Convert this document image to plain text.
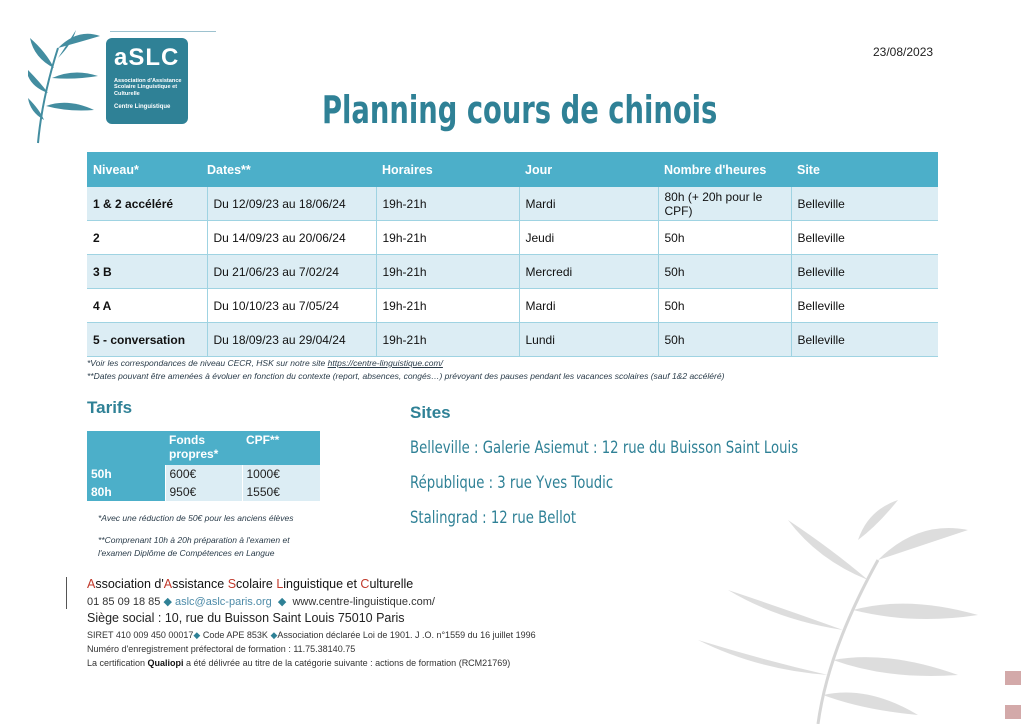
aSLC
Association d'Assistance Scolaire Linguistique et Culturelle
Centre Linguistique
23/08/2023
Planning cours de chinois
Niveau*	Dates**	Horaires	Jour	Nombre d'heures	Site
1 & 2 accéléré	Du 12/09/23 au 18/06/24	19h-21h	Mardi	80h (+ 20h pour le CPF)	Belleville
2	Du 14/09/23 au 20/06/24	19h-21h	Jeudi	50h	Belleville
3 B	Du 21/06/23 au 7/02/24	19h-21h	Mercredi	50h	Belleville
4 A	Du 10/10/23 au 7/05/24	19h-21h	Mardi	50h	Belleville
5 - conversation	Du 18/09/23 au 29/04/24	19h-21h	Lundi	50h	Belleville
*Voir les correspondances de niveau CECR, HSK sur notre site https://centre-linguistique.com/
**Dates pouvant être amenées à évoluer en fonction du contexte (report, absences, congés…) prévoyant des pauses pendant les vacances scolaires (sauf 1&2 accéléré)
Tarifs
	Fonds propres*	CPF**
50h	600€	1000€
80h	950€	1550€
*Avec une réduction de 50€ pour les anciens élèves
**Comprenant 10h à 20h préparation à l'examen et
l'examen Diplôme de Compétences en Langue
Sites
Belleville : Galerie Asiemut : 12 rue du Buisson Saint Louis
République : 3 rue Yves Toudic
Stalingrad : 12 rue Bellot
Association d'Assistance Scolaire Linguistique et Culturelle
01 85 09 18 85 ◆ aslc@aslc-paris.org ◆ www.centre-linguistique.com/
Siège social : 10, rue du Buisson Saint Louis 75010 Paris
SIRET 410 009 450 00017◆ Code APE 853K ◆Association déclarée Loi de 1901. J .O. n°1559 du 16 juillet 1996
Numéro d'enregistrement préfectoral de formation : 11.75.38140.75
La certification Qualiopi a été délivrée au titre de la catégorie suivante : actions de formation (RCM21769)
